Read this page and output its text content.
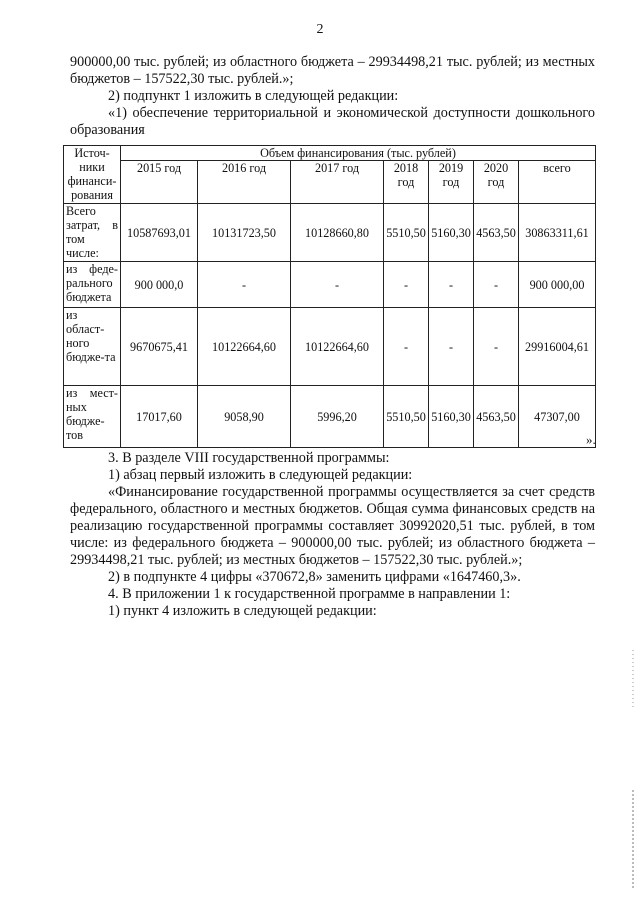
2

900000,00 тыс. рублей; из областного бюджета – 29934498,21 тыс. рублей; из местных бюджетов – 157522,30 тыс. рублей.»;

2) подпункт 1 изложить в следующей редакции:

«1) обеспечение территориальной и экономической доступности дошкольного образования

Источ-ники финанси-рования	Объем финансирования (тыс. рублей)						
	2015 год	2016 год	2017 год	2018 год	2019 год	2020 год	всего
Всего затрат, в том числе:	10587693,01	10131723,50	10128660,80	5510,50	5160,30	4563,50	30863311,61
из феде-рального бюджета	900 000,0	-	-	-	-	-	900 000,00
из област-ного бюдже-та	9670675,41	10122664,60	10122664,60	-	-	-	29916004,61
из мест-ных бюдже-тов	17017,60	9058,90	5996,20	5510,50	5160,30	4563,50	47307,00
».

3. В разделе VIII государственной программы:

1) абзац первый изложить в следующей редакции:

«Финансирование государственной программы осуществляется за счет средств федерального, областного и местных бюджетов. Общая сумма финансовых средств на реализацию государственной программы составляет 30992020,51 тыс. рублей, в том числе: из федерального бюджета – 900000,00 тыс. рублей; из областного бюджета – 29934498,21 тыс. рублей; из местных бюджетов – 157522,30 тыс. рублей.»;

2) в подпункте 4 цифры «370672,8» заменить цифрами «1647460,3».

4. В приложении 1 к государственной программе в направлении 1:

1) пункт 4 изложить в следующей редакции:
